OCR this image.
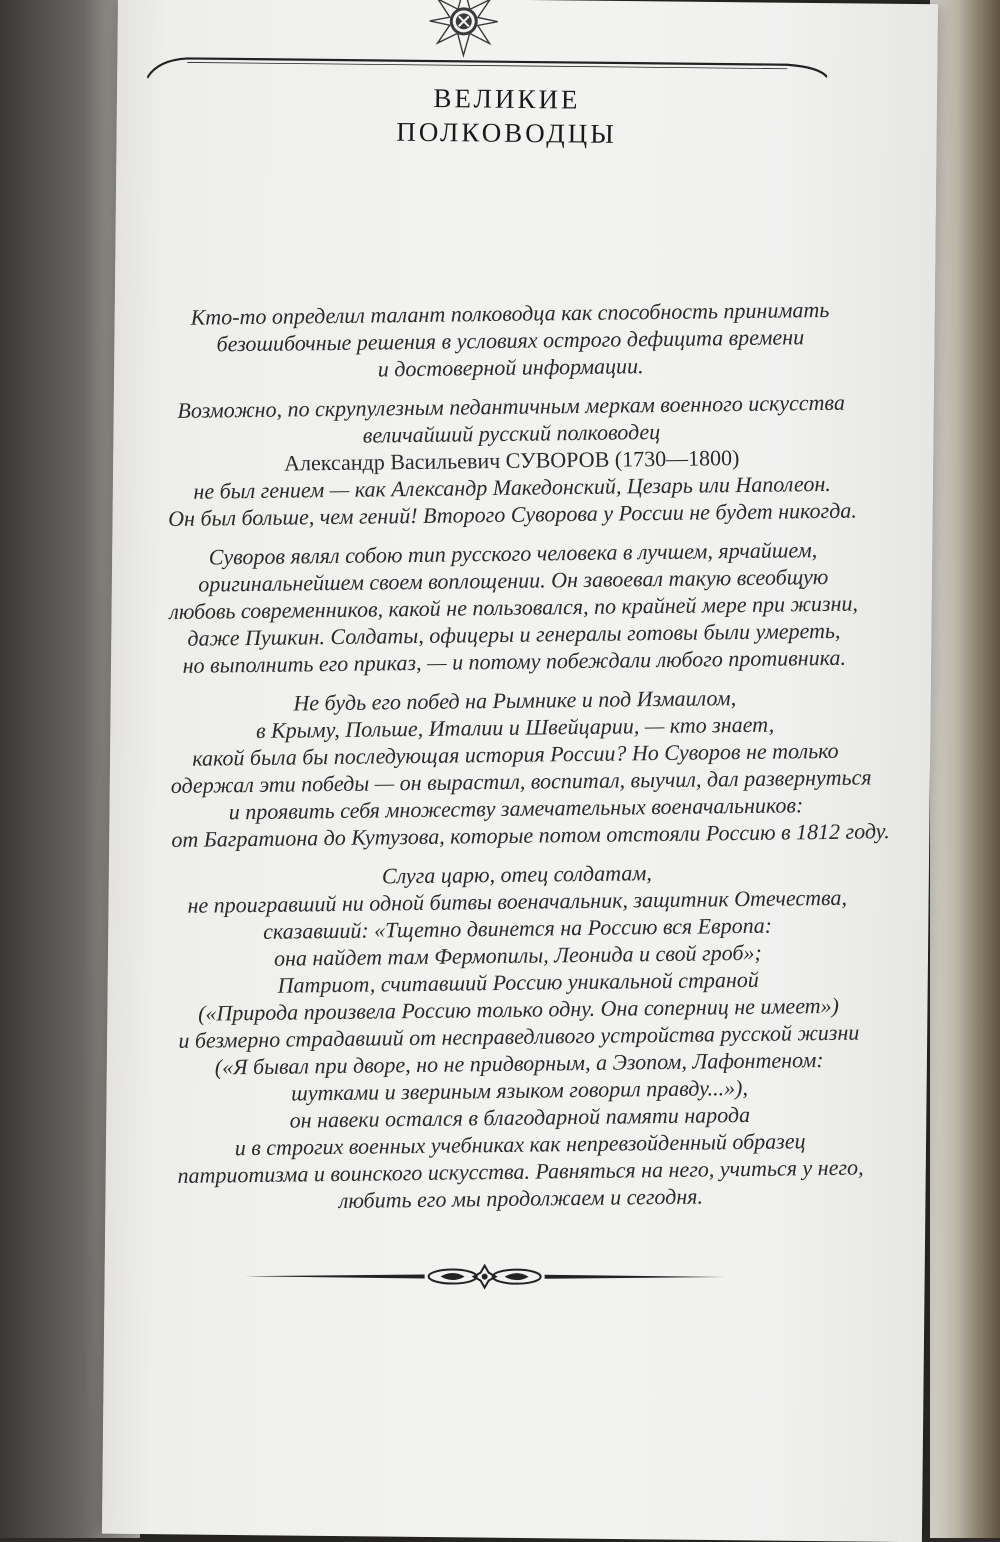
ВЕЛИКИЕ
ПОЛКОВОДЦЫ

Кто-то определил талант полководца как способность принимать
безошибочные решения в условиях острого дефицита времени
и достоверной информации.

Возможно, по скрупулезным педантичным меркам военного искусства
величайший русский полководец
Александр Васильевич СУВОРОВ (1730—1800)
не был гением — как Александр Македонский, Цезарь или Наполеон.
Он был больше, чем гений! Второго Суворова у России не будет никогда.

Суворов являл собою тип русского человека в лучшем, ярчайшем,
оригинальнейшем своем воплощении. Он завоевал такую всеобщую
любовь современников, какой не пользовался, по крайней мере при жизни,
даже Пушкин. Солдаты, офицеры и генералы готовы были умереть,
но выполнить его приказ, — и потому побеждали любого противника.

Не будь его побед на Рымнике и под Измаилом,
в Крыму, Польше, Италии и Швейцарии, — кто знает,
какой была бы последующая история России? Но Суворов не только
одержал эти победы — он вырастил, воспитал, выучил, дал развернуться
и проявить себя множеству замечательных военачальников:
от Багратиона до Кутузова, которые потом отстояли Россию в 1812 году.

Слуга царю, отец солдатам,
не проигравший ни одной битвы военачальник, защитник Отечества,
сказавший: «Тщетно двинется на Россию вся Европа:
она найдет там Фермопилы, Леонида и свой гроб»;
Патриот, считавший Россию уникальной страной
(«Природа произвела Россию только одну. Она соперниц не имеет»)
и безмерно страдавший от несправедливого устройства русской жизни
(«Я бывал при дворе, но не придворным, а Эзопом, Лафонтеном:
шутками и звериным языком говорил правду...»),
он навеки остался в благодарной памяти народа
и в строгих военных учебниках как непревзойденный образец
патриотизма и воинского искусства. Равняться на него, учиться у него,
любить его мы продолжаем и сегодня.
